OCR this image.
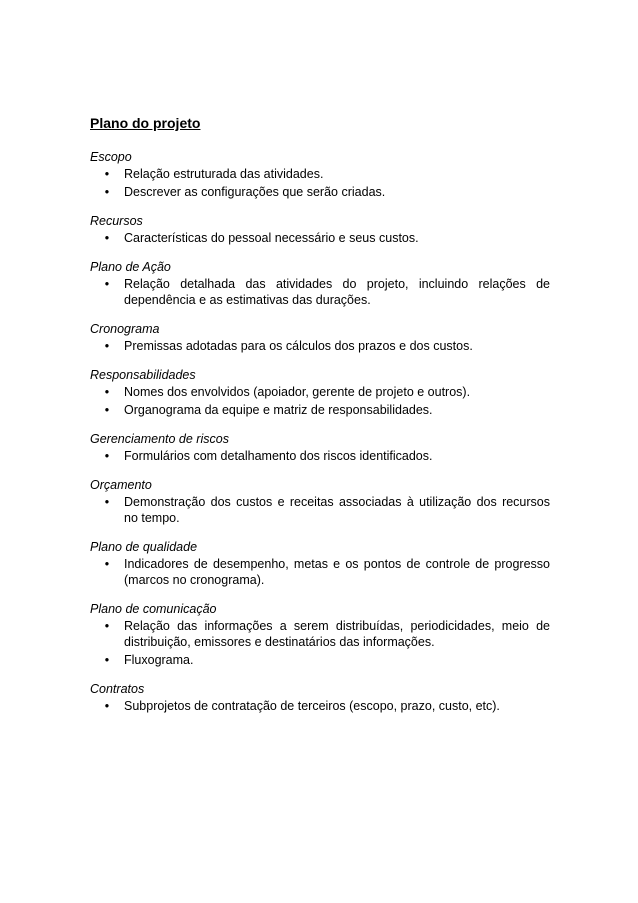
Plano do projeto
Escopo
• Relação estruturada das atividades.
• Descrever as configurações que serão criadas.
Recursos
• Características do pessoal necessário e seus custos.
Plano de Ação
• Relação detalhada das atividades do projeto, incluindo relações de dependência e as estimativas das durações.
Cronograma
• Premissas adotadas para os cálculos dos prazos e dos custos.
Responsabilidades
• Nomes dos envolvidos (apoiador, gerente de projeto e outros).
• Organograma da equipe e matriz de responsabilidades.
Gerenciamento de riscos
• Formulários com detalhamento dos riscos identificados.
Orçamento
• Demonstração dos custos e receitas associadas à utilização dos recursos no tempo.
Plano de qualidade
• Indicadores de desempenho, metas e os pontos de controle de progresso (marcos no cronograma).
Plano de comunicação
• Relação das informações a serem distribuídas, periodicidades, meio de distribuição, emissores e destinatários das informações.
• Fluxograma.
Contratos
• Subprojetos de contratação de terceiros (escopo, prazo, custo, etc).
